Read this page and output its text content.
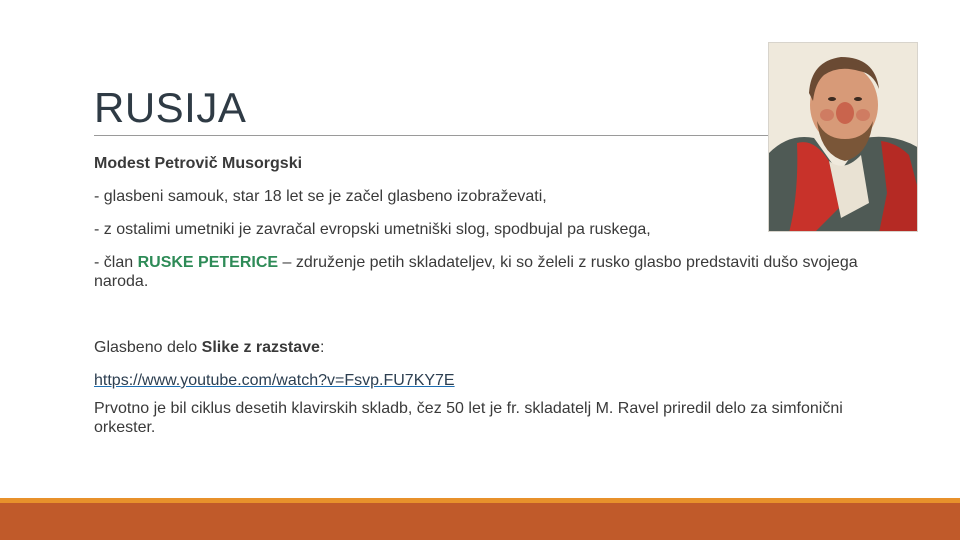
RUSIJA

Modest Petrovič Musorgski

- glasbeni samouk, star 18 let se je začel glasbeno izobraževati,

- z ostalimi umetniki je zavračal evropski umetniški slog, spodbujal pa ruskega,

- član RUSKE PETERICE – združenje petih skladateljev, ki so želeli z rusko glasbo predstaviti dušo svojega naroda.

Glasbeno delo Slike z razstave:

https://www.youtube.com/watch?v=Fsvp.FU7KY7E

Prvotno je bil ciklus desetih klavirskih skladb, čez 50 let je fr. skladatelj M. Ravel priredil delo za simfonični orkester.
